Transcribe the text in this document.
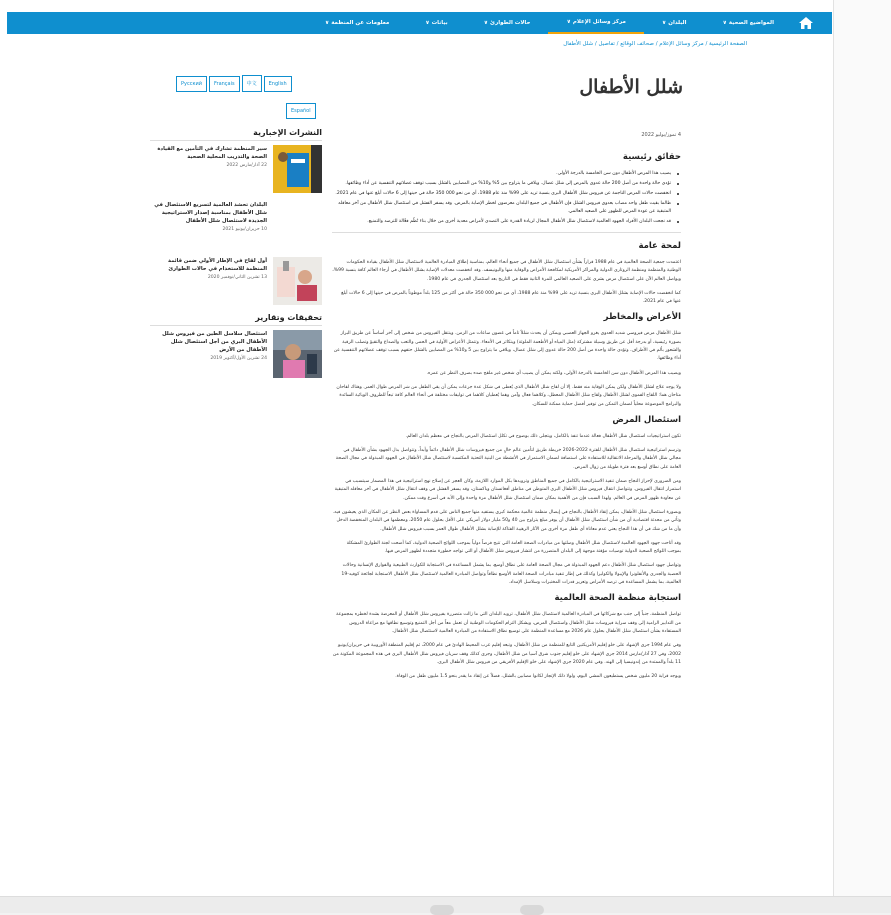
المواضيع الصحية ∨
البلدان ∨
مركز وسائل الإعلام ∨
حالات الطوارئ ∨
بيانات ∨
معلومات عن المنظمة ∨
الصفحة الرئيسية / مركز وسائل الإعلام / صحائف الوقائع / تفاصيل / شلل الأطفال
شلل الأطفال
Русский Français 中文 English Español
4 تموز/يوليو 2022
حقائق رئيسية
يصيب هذا المرض الأطفال دون سن الخامسة بالدرجة الأولى.
تؤدي حالة واحدة من أصل 200 حالة عدوى بالمرض إلى شلل عضال. ويلاقي ما يتراوح بين 5% و10% من المصابين بالشلل بسبب توقف عضلاتهم التنفسية عن أداء وظائفها.
انخفضت حالات المرض الناجمة عن فيروس شلل الأطفال البري بنسبة تزيد على 99% منذ عام 1988، أي من نحو 000 350 حالة في حينها إلى 6 حالات أبلغ عنها في عام 2021.
طالما بقيت طفل واحد مصاب بعدوى فيروس الشلل فإن الأطفال في جميع البلدان معرضون لخطر الإصابة بالمرض. وقد يسفر الفشل في استئصال شلل الأطفال من آخر معاقله المتبقية عن عودة المرض للظهور على الصعيد العالمي.
قد نجحت البلدان الأفراد الجهود العالمية لاستئصال شلل الأطفال المجال لزيادة القدرة على التصدي لأمراض معدية أخرى من خلال بناء نُظُم فعّالة للترصد والتمنيع.
لمحة عامة
اعتمدت جمعية الصحة العالمية في عام 1988 قراراً بشأن استئصال شلل الأطفال في جميع أنحاء العالم، بمناسبة إطلاق المبادرة العالمية لاستئصال شلل الأطفال بقيادة الحكومات الوطنية والمنظمة ومنظمة الروتاري الدولية والمراكز الأمريكية لمكافحة الأمراض والوقاية منها واليونيسف. وقد انخفضت معدلات الإصابة بشلل الأطفال في أرجاء العالم كافة بنسبة 99%، ويواصل العالم الآن على استئصال مرض بشري على الصعيد العالمي للمرة الثانية فقط في التاريخ بعد استئصال الجدري في عام 1980.
كما انخفضت حالات الإصابة بشلل الأطفال البري بنسبة تزيد على 99% منذ عام 1988، أي من نحو 000 350 حالة في أكثر من 125 بلداً موطوناً بالمرض في حينها إلى 6 حالات أبلغ عنها في عام 2021.
الأعراض والمخاطر
شلل الأطفال مرض فيروسي شديد العدوى يغزو الجهاز العصبي ويمكن أن يحدث شللاً تاماً في غضون ساعات من الزمن. وينتقل الفيروس من شخص إلى آخر أساساً عن طريق البراز بصورة رئيسية، أو بدرجة أقل عن طريق وسيلة مشتركة (مثل المياه أو الأطعمة الملوثة) ويتكاثر في الأمعاء. وتتمثل الأعراض الأولية في الحمى والتعب والصداع والتقيؤ وتصلب الرقبة والشعور بألم في الأطراف. وتؤدي حالة واحدة من أصل 200 حالة عدوى إلى شلل عضال، ويلاقي ما يتراوح بين 5 و10% من المصابين بالشلل حتفهم بسبب توقف عضلاتهم التنفسية عن أداء وظائفها.
ويصيب هذا المرض الأطفال دون سن الخامسة بالدرجة الأولى، ولكنه يمكن أن يصيب أي شخص غير ملقح ضده بصرف النظر عن عمره.
ولا يوجد علاج لشلل الأطفال ولكن يمكن الوقاية منه فقط. إلا أن لقاح شلل الأطفال الذي يُعطى في شكل عدة جرعات يمكن أن يقي الطفل من شر المرض طوال العمر. وهناك لقاحان متاحان هما: اللقاح الفموي لشلل الأطفال ولقاح شلل الأطفال المعطل، وكلاهما فعال وآمن وهما يُعطيان كلاهما في توليفات مختلفة في أنحاء العالم كافة تبعاً للظروف الوبائية السائدة والبرامج الموضوعة محلياً لضمان التمكن من توفير أفضل حماية ممكنة للسكان.
استئصال المرض
تكون استراتيجيات استئصال شلل الأطفال فعالة عندما تنفذ بالكامل، ويتجلى ذلك بوضوح في تكلل استئصال المرض بالنجاح في معظم بلدان العالم.
وترسم استراتيجية استئصال شلل الأطفال للفترة 2022-2026 خريطة طريق لتأمين عالم خالٍ من جميع فيروسات شلل الأطفال دائماً وأبداً، وتتواصل بذل الجهود بشأن الأطفال في مجالي شلل الأطفال والمرحلة الانتقالية للاستفادة على استضافة لضمان الاستمرار في الأنشطة من البنية التحتية المكتسبة لاستئصال شلل الأطفال في الجهود المبذولة في مجال الصحة العامة على نطاق أوسع بعد فترة طويلة من زوال المرض.
ومن الضروري لإحراز النجاح ضمان تنفيذ الاستراتيجية بالكامل في جميع المناطق وتزويدها بكل الموارد اللازمة، وكان العجز عن إصلاح نهج استراتيجية في هذا المضمار سيتسبب في استمرار انتقال الفيروس. وتتواصل انتقال فيروس شلل الأطفال البري المتوطن في مناطق أفغانستان وباكستان، وقد يسفر الفشل في وقف انتقال شلل الأطفال في آخر معاقله المتبقية عن معاودة ظهور المرض في العالم. ولهذا السبب فإن من الأهمية بمكان ضمان استئصال شلل الأطفال مرة واحدة وإلى الأبد في أسرع وقت ممكن.
وبصورة استئصال شلل الأطفال، يمكن إنقاذ الأطفال بالنجاح في إيصال منظمة عالمية محكمة كبرى يستفيد منها جميع الناس على قدم المساواة بعض النظر عن المكان الذي يعيشون فيه. وتأتي من محدثة اقتصادية أن من شأن استئصال شلل الأطفال أن يوفر مبلغ يتراوح بين 40 و50 مليار دولار أمريكي على الأقل بحلول عام 2050، ومعظمها في البلدان المنخفضة الدخل وأن ما من شك في أن هذا النجاح يعني عدم معاناة أي طفل مرة أخرى من الآثار الرهيبة الفتاكة للإصابة بشلل الأطفال طوال العمر بسبب فيروس شلل الأطفال.
وقد أتاحت جهود الجهود العالمية لاستئصال شلل الأطفال وصلتها من مبادرات الصحة العامة التي تتيح فرصاً دولياً بموجب اللوائح الصحية الدولية، كما أضحت لجنة الطوارئ المشكلة بموجب اللوائح الصحية الدولية توصيات مؤقتة موجهة إلى البلدان المتضررة من انتشار فيروس شلل الأطفال أو التي تواجه خطورة متجددة لظهور المرض فيها.
وتواصل جهود استئصال شلل الأطفال دعم الجهود المبذولة في مجال الصحة العامة على نطاق أوسع، بما يشمل المساعدة في الاستجابة للكوارث الطبيعية والفوارق الإنسانية وحالات الحصبة والجدري والأنفلونزا والإيبولا والكوليرا وكذلك في إطار تنفيذ مبادرات الصحة العامة الأوسع نطاقاً وتواصل المبادرة العالمية لاستئصال شلل الأطفال الاستجابة لجائحة كوفيد-19 العالمية، بما يشمل المساعدة في ترصد الأمراض وتعزيز قدرات المختبرات وسلاسل الإمداد.
استجابة منظمة الصحة العالمية
تواصل المنظمة، جنباً إلى جنب مع شركائها في المبادرة العالمية لاستئصال شلل الأطفال، تزويد البلدان التي ما زالت متضررة بفيروس شلل الأطفال أو المعرضة بشدة لخطره بمجموعة من التدابير الرامية إلى وقف سراية فيروسات شلل الأطفال واستئصال المرض، ويشكل التزام الحكومات الوطنية أن تعمل معاً من أجل التمنيع وتوسيع نطاقها مع مراعاة الدروس المستفادة بشأن استئصال شلل الأطفال بحلول عام 2026 مع مساعدة المنظمة على توسيع نطاق الاستفادة من المبادرة العالمية لاستئصال شلل الأطفال.
وفي عام 1994 جرى الإشهاد على خلو إقليم الأمريكتين التابع للمنظمة من شلل الأطفال، وتبعه إقليم غرب المحيط الهادئ في عام 2000، ثم إقليم المنطقة الأوروبية في حزيران/يونيو 2002، وفي 27 آذار/مارس 2014 جرى الإشهاد على خلو إقليم جنوب شرق آسيا من شلل الأطفال، وجرى كذلك وقف سريان فيروس شلل الأطفال البري في هذه المجموعة المكونة من 11 بلداً والممتدة من إندونيسيا إلى الهند. وفي عام 2020 جرى الإشهاد على خلو الإقليم الأفريقي من فيروس شلل الأطفال البري.
ويوجد قرابة 20 مليون شخص يستطيعون المشي اليوم، ولولا ذلك الإنجاز لكانوا مصابين بالشلل، فضلاً عن إنقاذ ما يقدر بنحو 1.5 مليون طفل من الوفاة.
النشرات الإخبارية
سير المنظمة تشارك في التأمين مع القيادة الصحة والتدريب المحلية الصحية
22 آذار/مارس 2022
البلدان تحشد العالمية لتسريع الاستئصال في شلل الأطفال بمناسبة إصدار الاستراتيجية الجديدة لاستئصال شلل الأطفال
10 حزيران/يونيو 2021
أول لقاح في الإطار الأولي ضمن قائمة المنظمة للاستخدام في حالات الطوارئ
13 تشرين الثاني/نوفمبر 2020
تحقيقات وتقارير
استئصال سلاسل الطين من فيروس شلل الأطفال البري من أجل استئصال شلل الأطفال من الأرض
24 تشرين الأول/أكتوبر 2019
